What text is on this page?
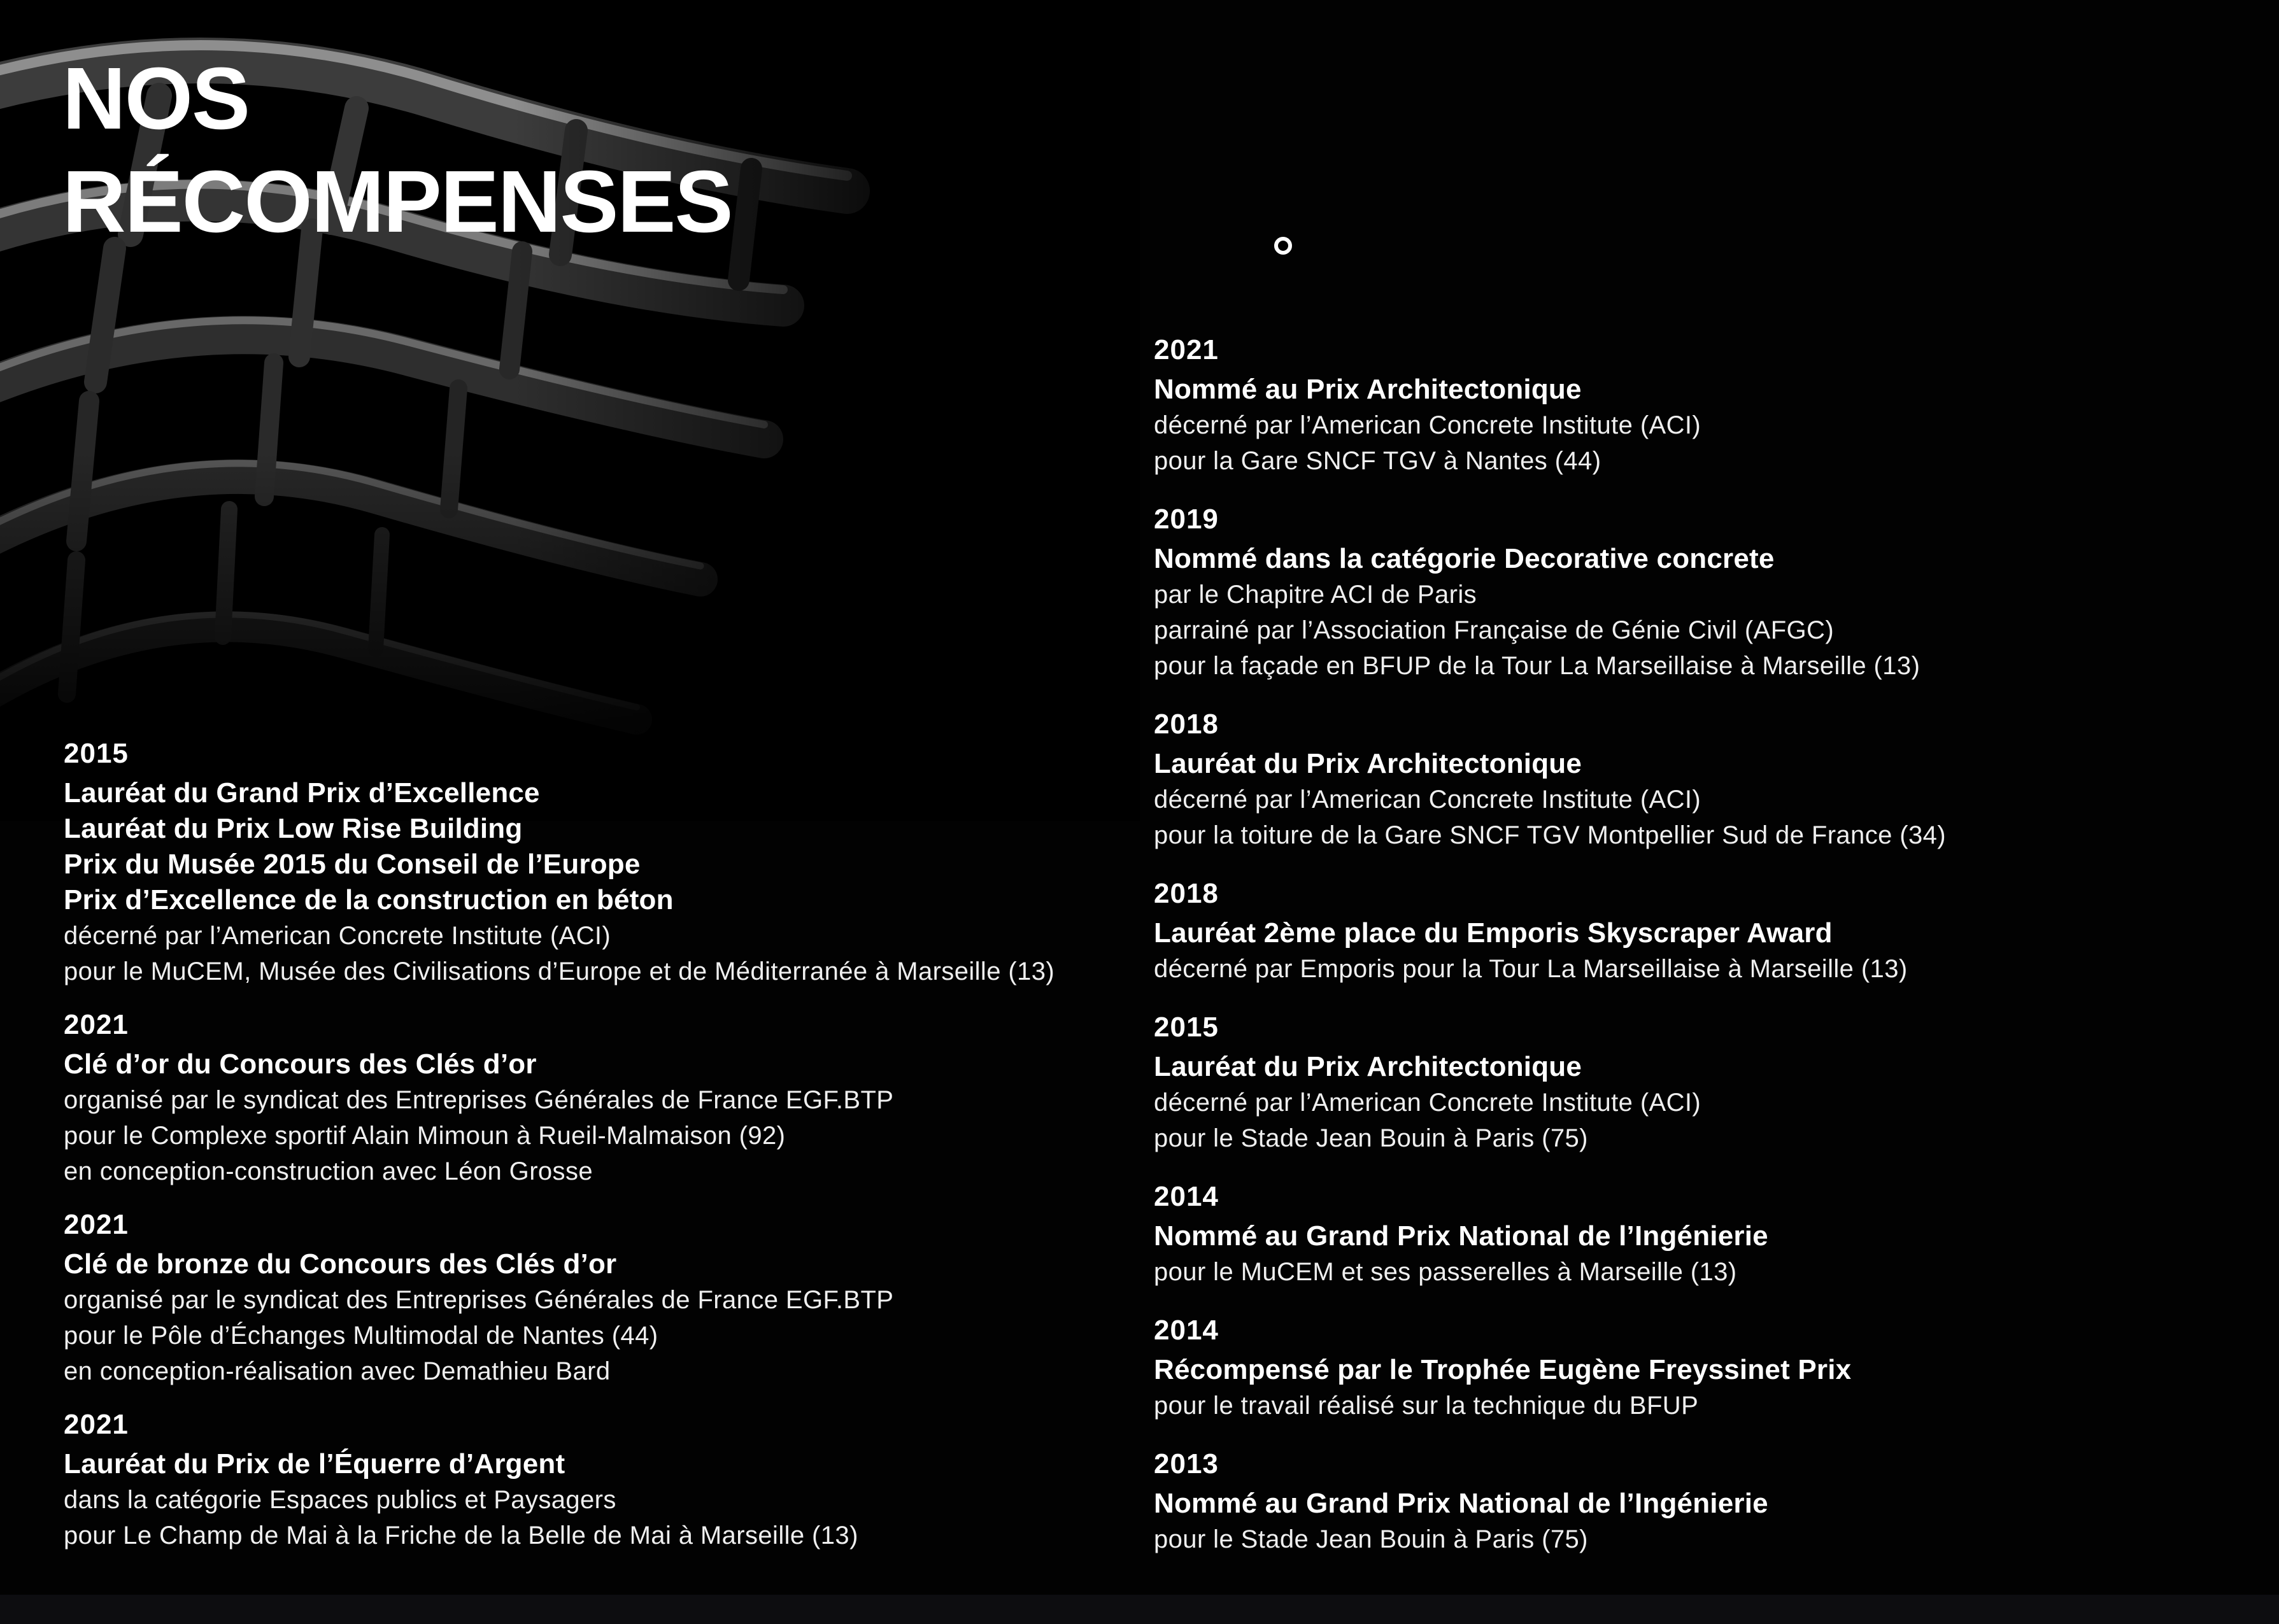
NOS
RÉCOMPENSES
2015
Lauréat du Grand Prix d’Excellence
Lauréat du Prix Low Rise Building
Prix du Musée 2015 du Conseil de l’Europe
Prix d’Excellence de la construction en béton
décerné par l’American Concrete Institute (ACI)
pour le MuCEM, Musée des Civilisations d’Europe et de Méditerranée à Marseille (13)
2021
Clé d’or du Concours des Clés d’or
organisé par le syndicat des Entreprises Générales de France EGF.BTP
pour le Complexe sportif Alain Mimoun à Rueil-Malmaison (92)
en conception-construction avec Léon Grosse
2021
Clé de bronze du Concours des Clés d’or
organisé par le syndicat des Entreprises Générales de France EGF.BTP
pour le Pôle d’Échanges Multimodal de Nantes (44)
en conception-réalisation avec Demathieu Bard
2021
Lauréat du Prix de l’Équerre d’Argent
dans la catégorie Espaces publics et Paysagers
pour Le Champ de Mai à la Friche de la Belle de Mai à Marseille (13)
2021
Nommé au Prix Architectonique
décerné par l’American Concrete Institute (ACI)
pour la Gare SNCF TGV à Nantes (44)
2019
Nommé dans la catégorie Decorative concrete
par le Chapitre ACI de Paris
parrainé par l’Association Française de Génie Civil (AFGC)
pour la façade en BFUP de la Tour La Marseillaise à Marseille (13)
2018
Lauréat du Prix Architectonique
décerné par l’American Concrete Institute (ACI)
pour la toiture de la Gare SNCF TGV Montpellier Sud de France (34)
2018
Lauréat 2ème place du Emporis Skyscraper Award
décerné par Emporis pour la Tour La Marseillaise à Marseille (13)
2015
Lauréat du Prix Architectonique
décerné par l’American Concrete Institute (ACI)
pour le Stade Jean Bouin à Paris (75)
2014
Nommé au Grand Prix National de l’Ingénierie
pour le MuCEM et ses passerelles à Marseille (13)
2014
Récompensé par le Trophée Eugène Freyssinet Prix
pour le travail réalisé sur la technique du BFUP
2013
Nommé au Grand Prix National de l’Ingénierie
pour le Stade Jean Bouin à Paris (75)
